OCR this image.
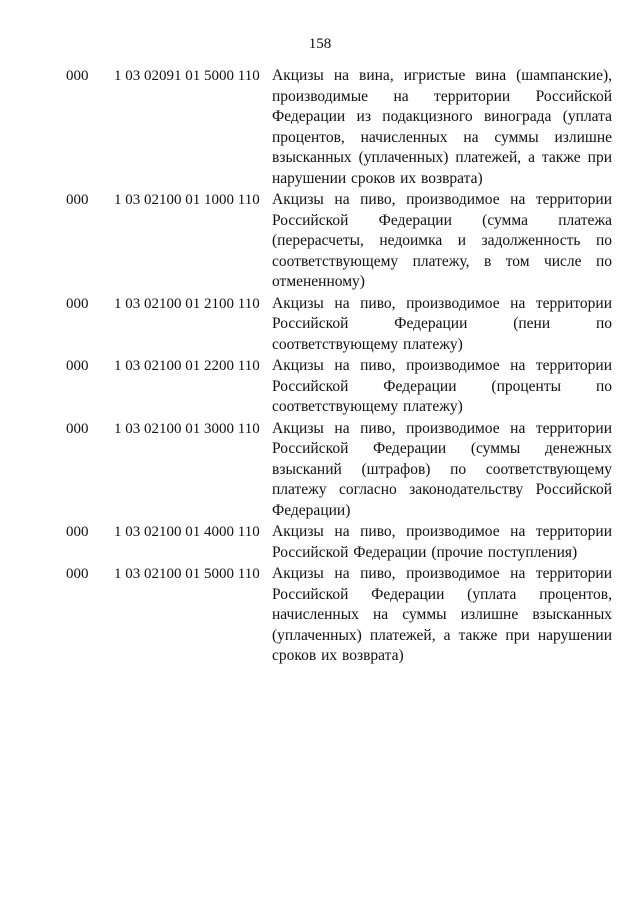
158
000	1 03 02091 01 5000 110 Акцизы на вина, игристые вина (шампанские), производимые на территории Российской Федерации из подакцизного винограда (уплата процентов, начисленных на суммы излишне взысканных (уплаченных) платежей, а также при нарушении сроков их возврата)
000	1 03 02100 01 1000 110 Акцизы на пиво, производимое на территории Российской Федерации (сумма платежа (перерасчеты, недоимка и задолженность по соответствующему платежу, в том числе по отмененному)
000	1 03 02100 01 2100 110 Акцизы на пиво, производимое на территории Российской Федерации (пени по соответствующему платежу)
000	1 03 02100 01 2200 110 Акцизы на пиво, производимое на территории Российской Федерации (проценты по соответствующему платежу)
000	1 03 02100 01 3000 110 Акцизы на пиво, производимое на территории Российской Федерации (суммы денежных взысканий (штрафов) по соответствующему платежу согласно законодательству Российской Федерации)
000	1 03 02100 01 4000 110 Акцизы на пиво, производимое на территории Российской Федерации (прочие поступления)
000	1 03 02100 01 5000 110 Акцизы на пиво, производимое на территории Российской Федерации (уплата процентов, начисленных на суммы излишне взысканных (уплаченных) платежей, а также при нарушении сроков их возврата)
